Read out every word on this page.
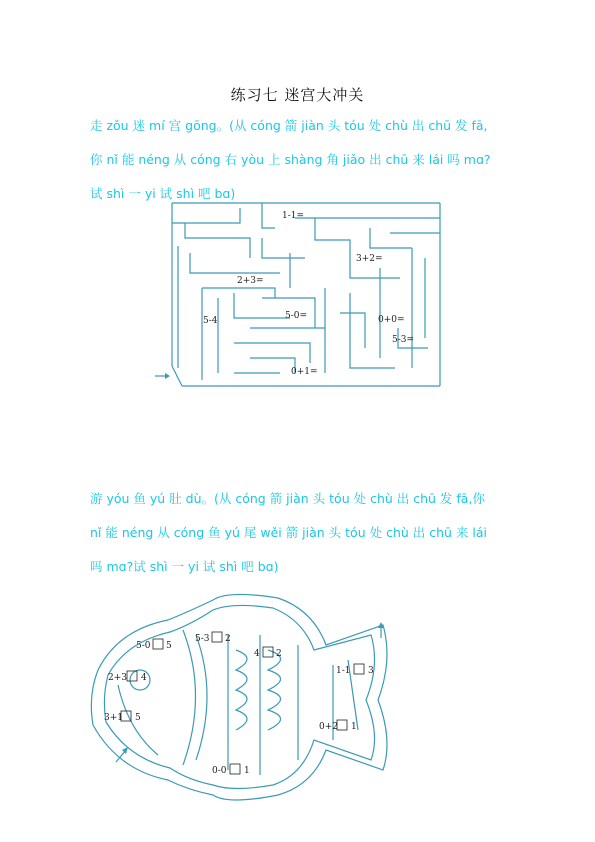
练习七 迷宫大冲关
走 zǒu 迷 mí 宫 gōng。(从 cóng 箭 jiàn 头 tóu 处 chù 出 chū 发 fā,
你 nǐ 能 néng 从 cóng 右 yòu 上 shàng 角 jiǎo 出 chū 来 lái 吗 mɑ?
试 shì 一 yi 试 shì 吧 bɑ)
1-1=
3+2=
2+3=
5-4	5-0=	0+0=
5-3=
0+1=
游 yóu 鱼 yú 肚 dù。(从 cóng 箭 jiàn 头 tóu 处 chù 出 chū 发 fā,你
nǐ 能 néng 从 cóng 鱼 yú 尾 wěi 箭 jiàn 头 tóu 处 chù 出 chū 来 lái
吗 mɑ?试 shì 一 yi 试 shì 吧 bɑ)
5-0 5
5-3 2
4 2
2+3 4
1-1 3
3+1 5
0+2 1
0-0 1
